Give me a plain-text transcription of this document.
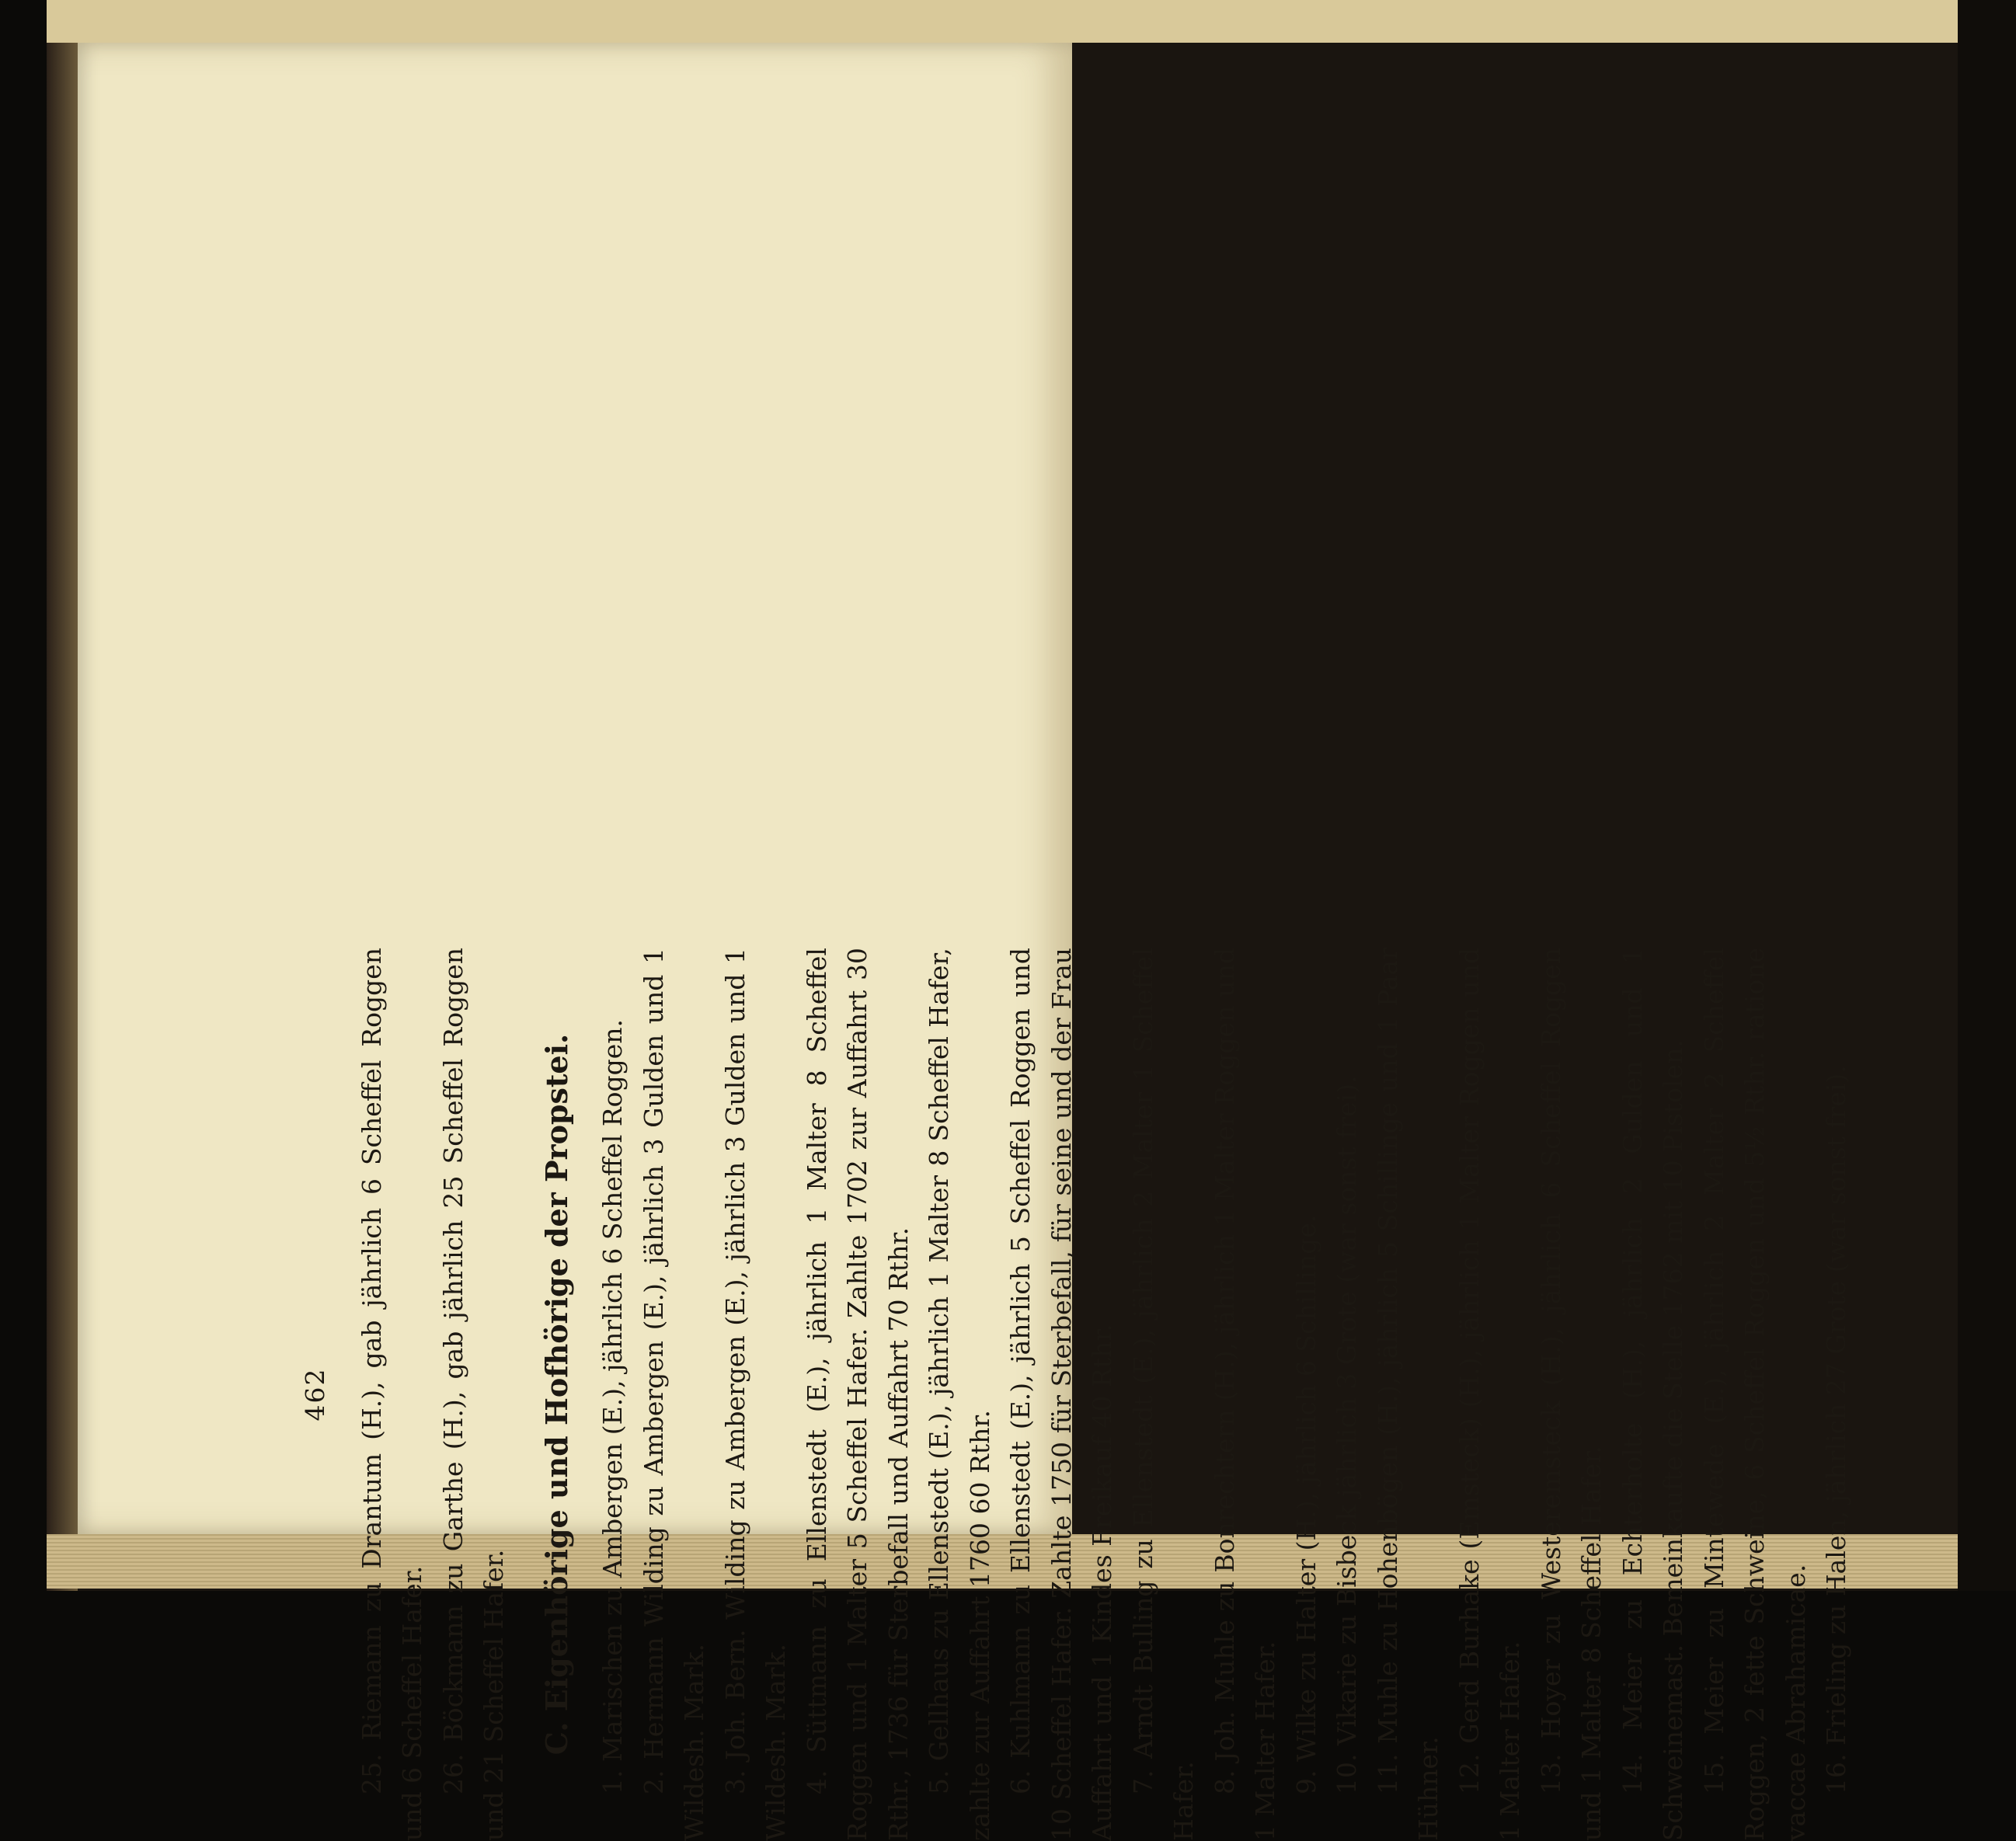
462 25. Riemann zu Drantum (H.), gab jährlich 6 Scheffel Roggen und 6 Scheffel Hafer. 26. Böckmann zu Garthe (H.), gab jährlich 25 Scheffel Roggen und 21 Scheffel Hafer. C. Eigenhörige und Hofhörige der Propstei. 1. Marischen zu Ambergen (E.), jährlich 6 Scheffel Roggen. 2. Hermann Wilding zu Ambergen (E.), jährlich 3 Gulden und 1 Wildesh. Mark. 3. Joh. Bern. Wilding zu Ambergen (E.), jährlich 3 Gulden und 1 Wildesh. Mark. 4. Süttmann zu Ellenstedt (E.), jährlich 1 Malter 8 Scheffel Roggen und 1 Malter 5 Scheffel Hafer. Zahlte 1702 zur Auffahrt 30 Rthr., 1736 für Sterbefall und Auffahrt 70 Rthr. 5. Gellhaus zu Ellenstedt (E.), jährlich 1 Malter 8 Scheffel Hafer, zahlte zur Auffahrt 1760 60 Rthr. 6. Kuhlmann zu Ellenstedt (E.), jährlich 5 Scheffel Roggen und 10 Scheffel Hafer. Zahlte 1750 für Sterbefall, für seine und der Frau Auffahrt und 1 Kindes Freikauf 40 Rthr. 7. Arndt Bulling zu Ellenstedt (E.), jährlich 2 Malter 1 Scheffel Hafer.

8. Joh. Muhle zu Bonrechtern (H.), jährlich 1 Malter Roggen und 1 Malter Hafer. 9. Wilke zu Halter (H.), jährlich 6 Schillinge. 10. Vikarie zu Bisbeck jährlich 3 Grote (war sonst frei). 11. Muhle zu Hohenbögen (H.), jährlich 5 Schillinge und 1 Paar Hühner. 12. Gerd Burhake (Emsteck) (H.), jährlich 1 Malter Roggen und 1 Malter Hafer. 13. Hoyer zu Westeremsteck (H.), jährlich 6 Scheffel Roggen und 1 Malter 8 Scheffel Hafer. 14. Meier zu Echterholte (H.), jährlich 2 Gulden und 1 Schweinemast. Bemeinkaufte die Stelle 1762 mit 10 Pistolen. 15. Meier zu Mintewede (E.), jährlich 2 Malter 2 Scheffel Roggen, 2 fette Schweine, 6 Scheffel Roggen und 5½ Rthr. ratione vaccae Abrahamicae. 16. Frieling zu Halen, jährlich 27 Grote (war sonst frei).
